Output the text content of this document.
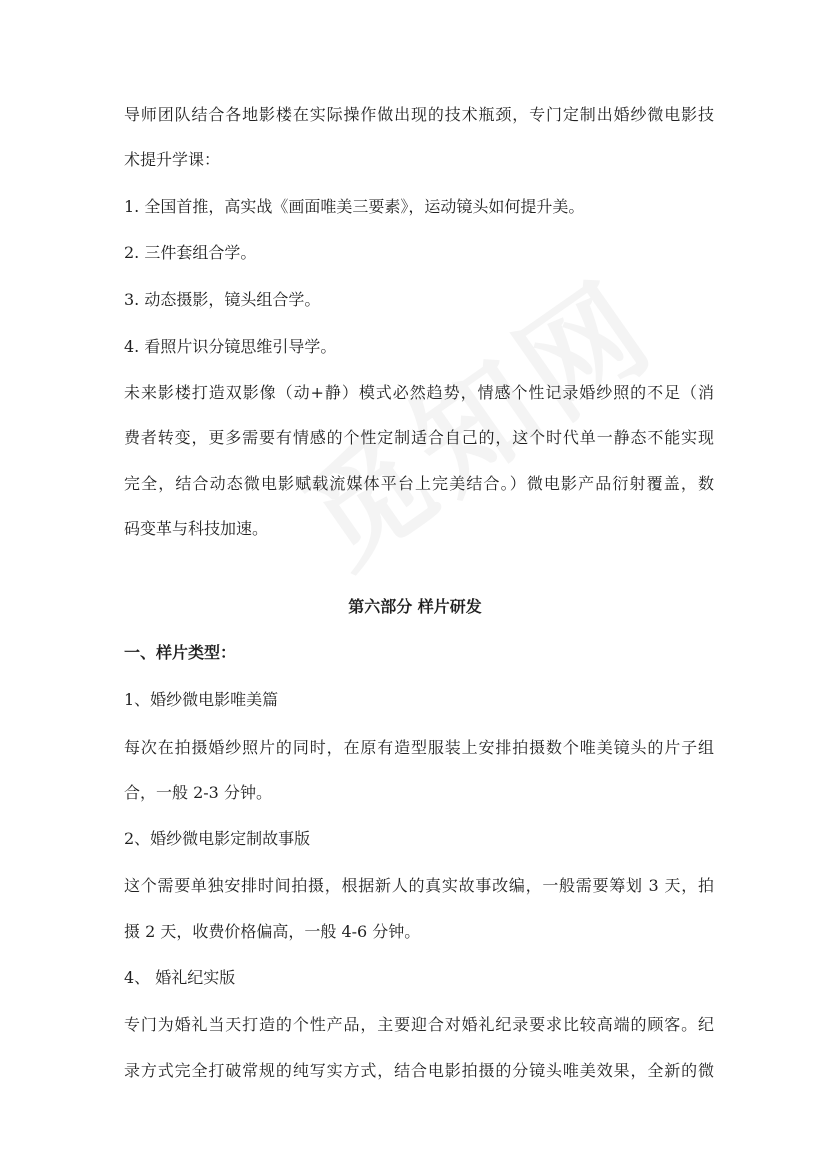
导师团队结合各地影楼在实际操作做出现的技术瓶颈，专门定制出婚纱微电影技
术提升学课：
1. 全国首推，高实战《画面唯美三要素》，运动镜头如何提升美。
2. 三件套组合学。
3. 动态摄影，镜头组合学。
4. 看照片识分镜思维引导学。
未来影楼打造双影像（动+静）模式必然趋势，情感个性记录婚纱照的不足（消
费者转变，更多需要有情感的个性定制适合自己的，这个时代单一静态不能实现
完全，结合动态微电影赋载流媒体平台上完美结合。）微电影产品衍射覆盖，数
码变革与科技加速。
第六部分 样片研发
一、样片类型：
1、婚纱微电影唯美篇
每次在拍摄婚纱照片的同时，在原有造型服装上安排拍摄数个唯美镜头的片子组
合，一般 2-3 分钟。
2、婚纱微电影定制故事版
这个需要单独安排时间拍摄，根据新人的真实故事改编，一般需要筹划 3 天，拍
摄 2 天，收费价格偏高，一般 4-6 分钟。
4、 婚礼纪实版
专门为婚礼当天打造的个性产品，主要迎合对婚礼纪录要求比较高端的顾客。纪
录方式完全打破常规的纯写实方式，结合电影拍摄的分镜头唯美效果，全新的微
